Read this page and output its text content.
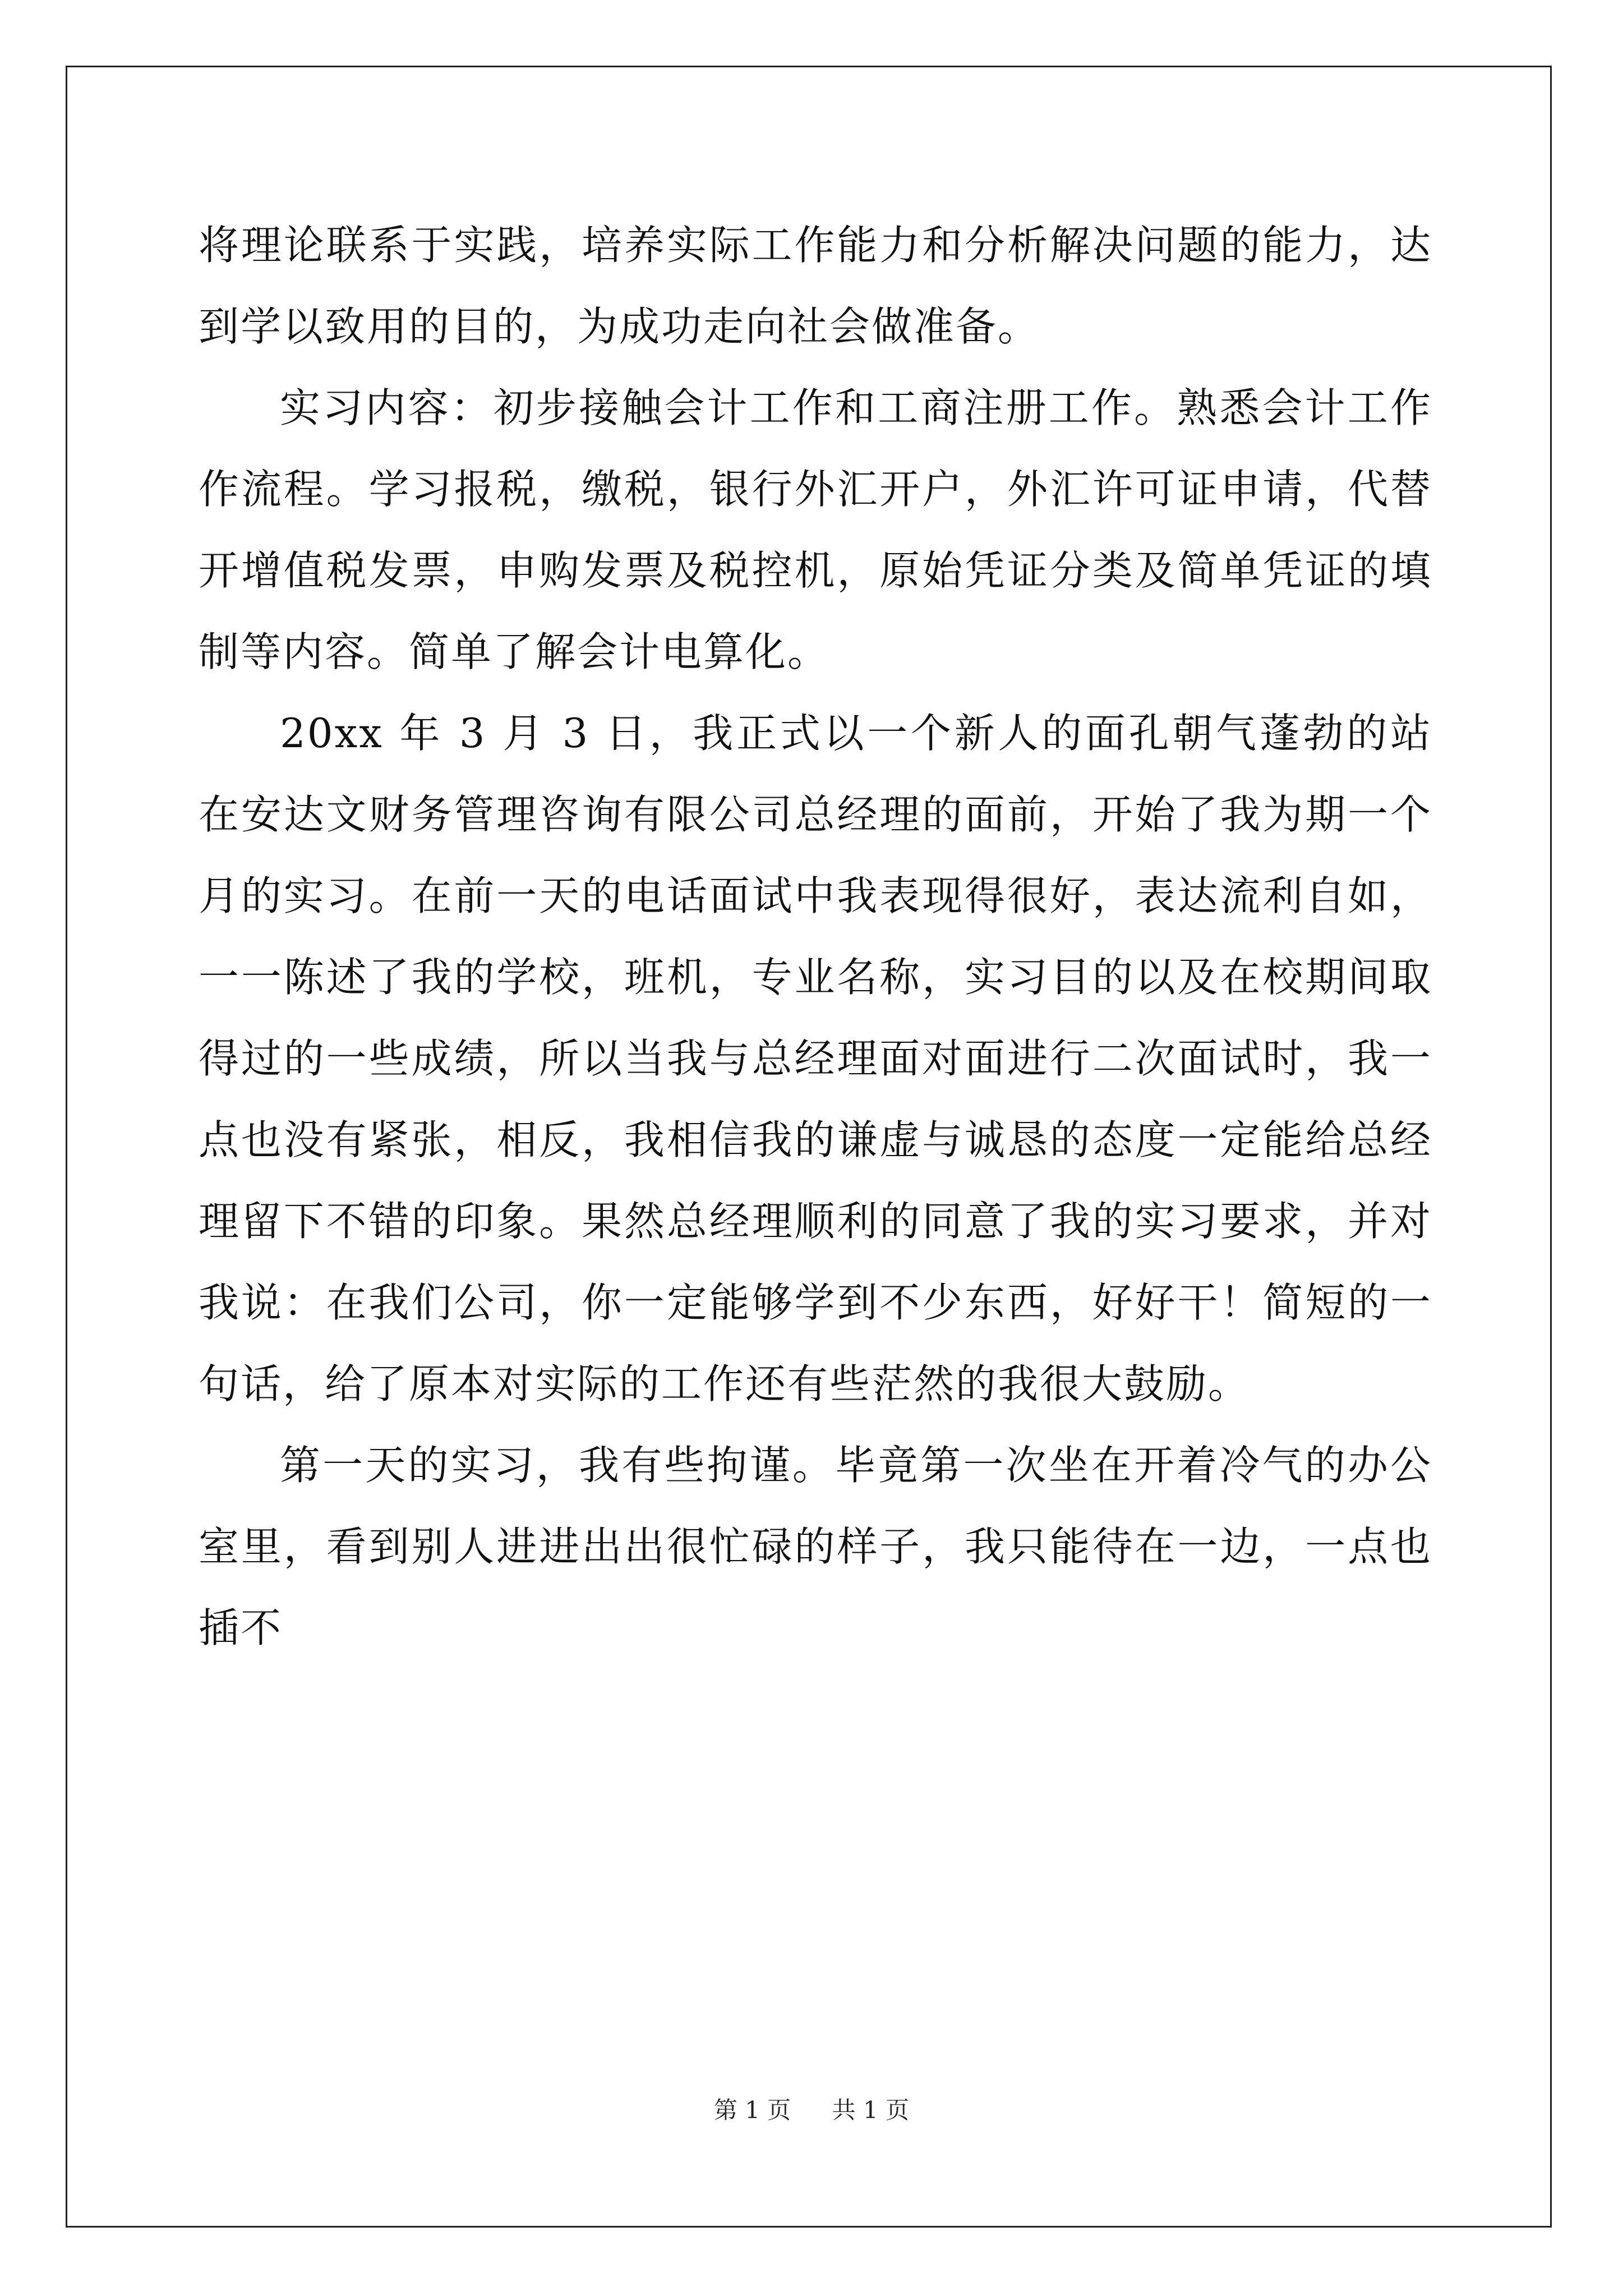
将理论联系于实践，培养实际工作能力和分析解决问题的能力，达到学以致用的目的，为成功走向社会做准备。

实习内容：初步接触会计工作和工商注册工作。熟悉会计工作作流程。学习报税，缴税，银行外汇开户，外汇许可证申请，代替开增值税发票，申购发票及税控机，原始凭证分类及简单凭证的填制等内容。简单了解会计电算化。

20xx 年 3 月 3 日，我正式以一个新人的面孔朝气蓬勃的站在安达文财务管理咨询有限公司总经理的面前，开始了我为期一个月的实习。在前一天的电话面试中我表现得很好，表达流利自如，一一陈述了我的学校，班机，专业名称，实习目的以及在校期间取得过的一些成绩，所以当我与总经理面对面进行二次面试时，我一点也没有紧张，相反，我相信我的谦虚与诚恳的态度一定能给总经理留下不错的印象。果然总经理顺利的同意了我的实习要求，并对我说：在我们公司，你一定能够学到不少东西，好好干！简短的一句话，给了原本对实际的工作还有些茫然的我很大鼓励。

第一天的实习，我有些拘谨。毕竟第一次坐在开着冷气的办公室里，看到别人进进出出很忙碌的样子，我只能待在一边，一点也插不

第 1 页 共 1 页
